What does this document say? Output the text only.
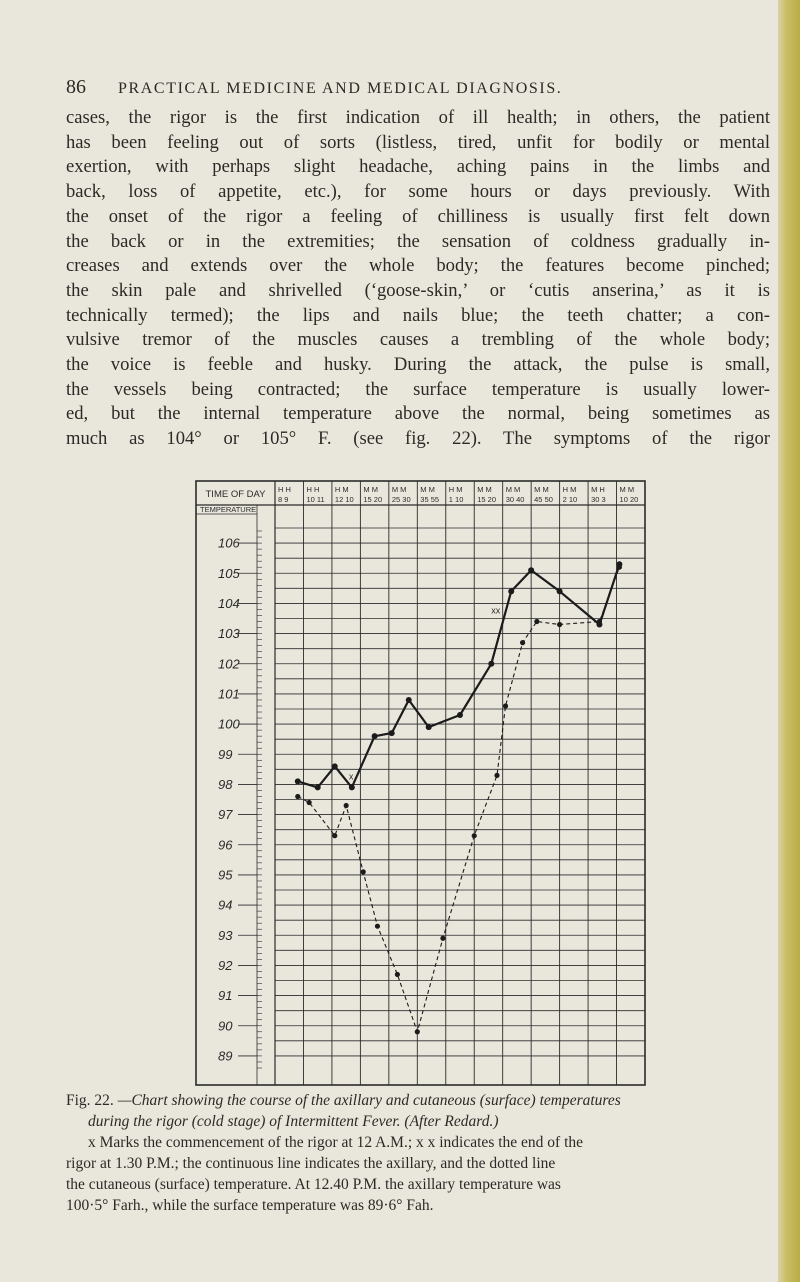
86 PRACTICAL MEDICINE AND MEDICAL DIAGNOSIS.

cases, the rigor is the first indication of ill health; in others, the patient
has been feeling out of sorts (listless, tired, unfit for bodily or mental
exertion, with perhaps slight headache, aching pains in the limbs and
back, loss of appetite, etc.), for some hours or days previously. With
the onset of the rigor a feeling of chilliness is usually first felt down
the back or in the extremities; the sensation of coldness gradually in-
creases and extends over the whole body; the features become pinched;
the skin pale and shrivelled (‘goose-skin,’ or ‘cutis anserina,’ as it is
technically termed); the lips and nails blue; the teeth chatter; a con-
vulsive tremor of the muscles causes a trembling of the whole body;
the voice is feeble and husky. During the attack, the pulse is small,
the vessels being contracted; the surface temperature is usually lower-
ed, but the internal temperature above the normal, being sometimes as
much as 104° or 105° F. (see fig. 22). The symptoms of the rigor

TIME OF DAY
TEMPERATURE
H H
8 9
H H
10 11
H M
12 10
M M
15 20
M M
25 30
M M
35 55
H M
1 10
M M
15 20
M M
30 40
M M
45 50
H M
2 10
M H
30 3
M M
10 20
106
105
104
103
102
101
100
99
98
97
96
95
94
93
92
91
90
89
x
xx
Fig. 22. —Chart showing the course of the axillary and cutaneous (surface) temperatures
during the rigor (cold stage) of Intermittent Fever. (After Redard.)
x Marks the commencement of the rigor at 12 A.M.; x x indicates the end of the
rigor at 1.30 P.M.; the continuous line indicates the axillary, and the dotted line
the cutaneous (surface) temperature. At 12.40 P.M. the axillary temperature was
100·5° Farh., while the surface temperature was 89·6° Fah.
